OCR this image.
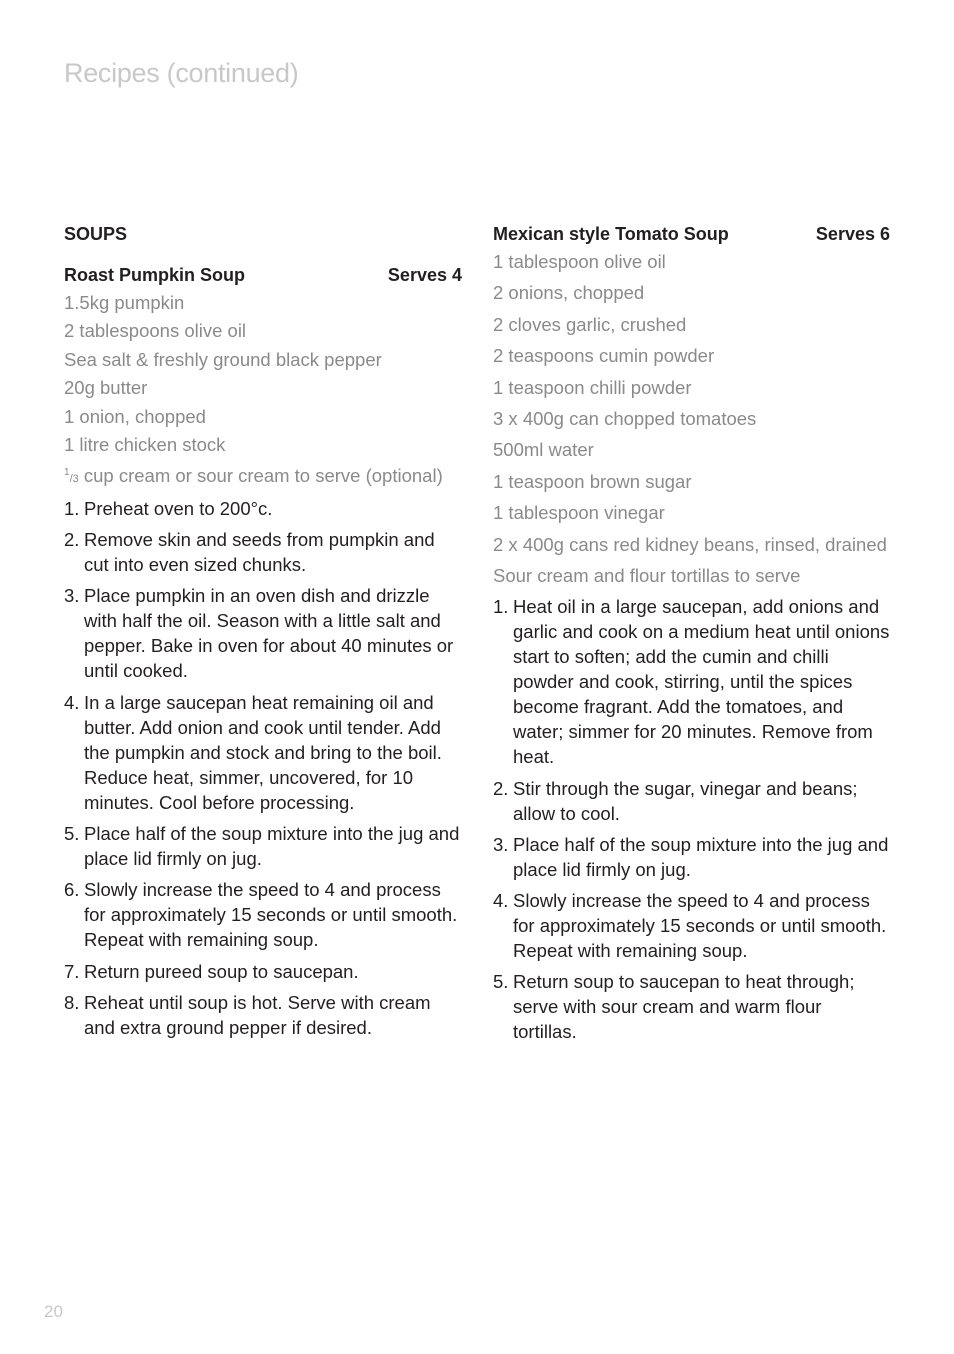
Recipes (continued)
SOUPS
Roast Pumpkin Soup	Serves 4
1.5kg pumpkin
2 tablespoons olive oil
Sea salt & freshly ground black pepper
20g butter
1 onion, chopped
1 litre chicken stock
$^1$/3 cup cream or sour cream to serve (optional)
1. Preheat oven to 200°c.
2. Remove skin and seeds from pumpkin and cut into even sized chunks.
3. Place pumpkin in an oven dish and drizzle with half the oil. Season with a little salt and pepper. Bake in oven for about 40 minutes or until cooked.
4. In a large saucepan heat remaining oil and butter. Add onion and cook until tender. Add the pumpkin and stock and bring to the boil. Reduce heat, simmer, uncovered, for 10 minutes. Cool before processing.
5. Place half of the soup mixture into the jug and place lid firmly on jug.
6. Slowly increase the speed to 4 and process for approximately 15 seconds or until smooth. Repeat with remaining soup.
7. Return pureed soup to saucepan.
8. Reheat until soup is hot. Serve with cream and extra ground pepper if desired.
Mexican style Tomato Soup	Serves 6
1 tablespoon olive oil
2 onions, chopped
2 cloves garlic, crushed
2 teaspoons cumin powder
1 teaspoon chilli powder
3 x 400g can chopped tomatoes
500ml water
1 teaspoon brown sugar
1 tablespoon vinegar
2 x 400g cans red kidney beans, rinsed, drained
Sour cream and flour tortillas to serve
1. Heat oil in a large saucepan, add onions and garlic and cook on a medium heat until onions start to soften; add the cumin and chilli powder and cook, stirring, until the spices become fragrant. Add the tomatoes, and water; simmer for 20 minutes. Remove from heat.
2. Stir through the sugar, vinegar and beans; allow to cool.
3. Place half of the soup mixture into the jug and place lid firmly on jug.
4. Slowly increase the speed to 4 and process for approximately 15 seconds or until smooth. Repeat with remaining soup.
5. Return soup to saucepan to heat through; serve with sour cream and warm flour tortillas.
20
